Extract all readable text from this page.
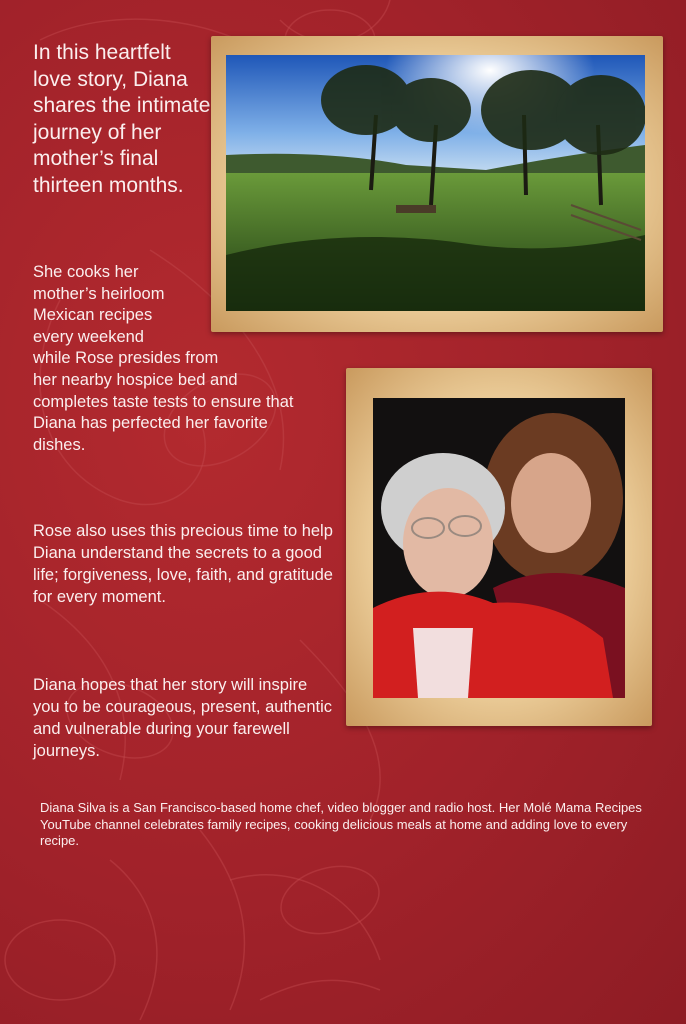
In this heartfelt love story, Diana shares the intimate journey of her mother’s final thirteen months.
She cooks her
mother’s heirloom
Mexican recipes
every weekend
while Rose presides from
her nearby hospice bed and
completes taste tests to ensure that
Diana has perfected her favorite
dishes.
Rose also uses this precious time to help Diana understand the secrets to a good life; forgiveness, love, faith, and gratitude for every moment.
Diana hopes that her story will inspire you to be courageous, present, authentic and vulnerable during your farewell journeys.
Diana Silva is a San Francisco-based home chef, video blogger and radio host. Her Molé Mama Recipes YouTube channel celebrates family recipes, cooking delicious meals at home and adding love to every recipe.
